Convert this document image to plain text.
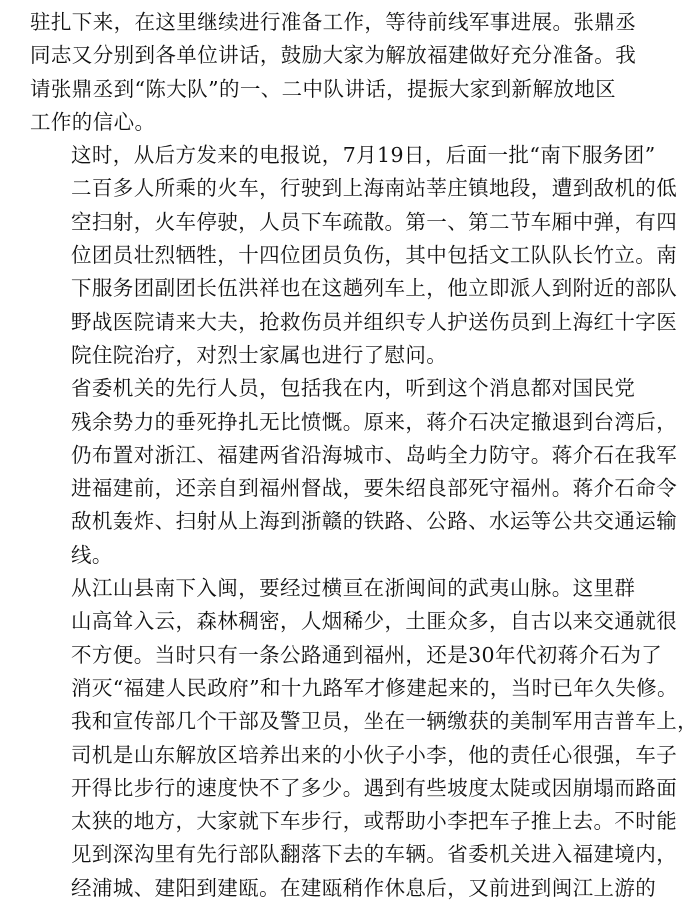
驻扎下来，在这里继续进行准备工作，等待前线军事进展。张鼎丞
同志又分别到各单位讲话，鼓励大家为解放福建做好充分准备。我
请张鼎丞到“陈大队”的一、二中队讲话，提振大家到新解放地区
工作的信心。

这时，从后方发来的电报说，7月19日，后面一批“南下服务团”
二百多人所乘的火车，行驶到上海南站莘庄镇地段，遭到敌机的低
空扫射，火车停驶，人员下车疏散。第一、第二节车厢中弹，有四
位团员壮烈牺牲，十四位团员负伤，其中包括文工队队长竹立。南
下服务团副团长伍洪祥也在这趟列车上，他立即派人到附近的部队
野战医院请来大夫，抢救伤员并组织专人护送伤员到上海红十字医
院住院治疗，对烈士家属也进行了慰问。

省委机关的先行人员，包括我在内，听到这个消息都对国民党
残余势力的垂死挣扎无比愤慨。原来，蒋介石决定撤退到台湾后，
仍布置对浙江、福建两省沿海城市、岛屿全力防守。蒋介石在我军
进福建前，还亲自到福州督战，要朱绍良部死守福州。蒋介石命令
敌机轰炸、扫射从上海到浙赣的铁路、公路、水运等公共交通运输
线。

从江山县南下入闽，要经过横亘在浙闽间的武夷山脉。这里群
山高耸入云，森林稠密，人烟稀少，土匪众多，自古以来交通就很
不方便。当时只有一条公路通到福州，还是30年代初蒋介石为了
消灭“福建人民政府”和十九路军才修建起来的，当时已年久失修。
我和宣传部几个干部及警卫员，坐在一辆缴获的美制军用吉普车上，
司机是山东解放区培养出来的小伙子小李，他的责任心很强，车子
开得比步行的速度快不了多少。遇到有些坡度太陡或因崩塌而路面
太狭的地方，大家就下车步行，或帮助小李把车子推上去。不时能
见到深沟里有先行部队翻落下去的车辆。省委机关进入福建境内，
经浦城、建阳到建瓯。在建瓯稍作休息后，又前进到闽江上游的
